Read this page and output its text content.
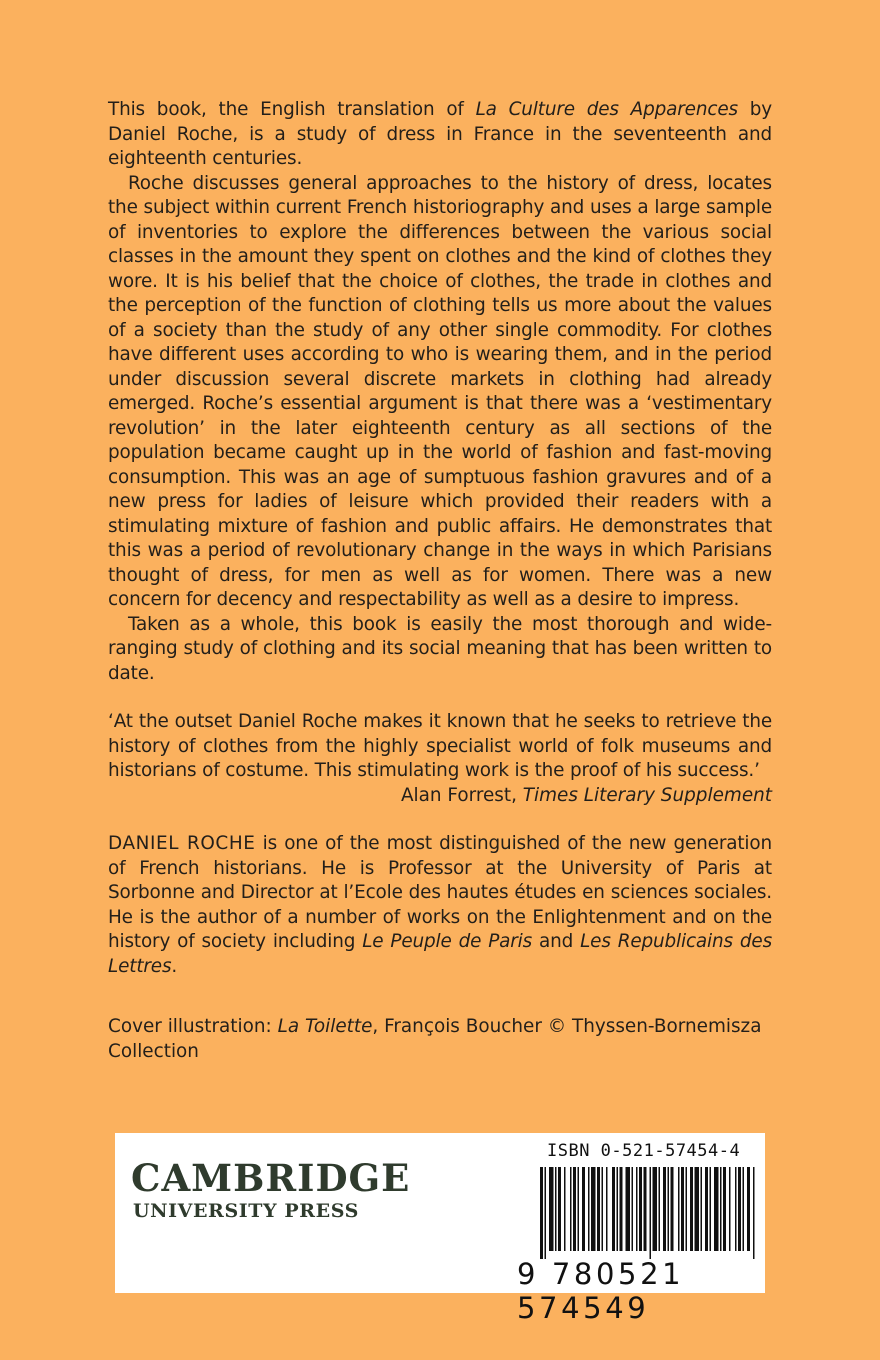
This book, the English translation of La Culture des Apparences by Daniel Roche, is a study of dress in France in the seventeenth and eighteenth centuries.

Roche discusses general approaches to the history of dress, locates the subject within current French historiography and uses a large sample of inventories to explore the differences between the various social classes in the amount they spent on clothes and the kind of clothes they wore. It is his belief that the choice of clothes, the trade in clothes and the perception of the function of clothing tells us more about the values of a society than the study of any other single commodity. For clothes have different uses according to who is wearing them, and in the period under discussion several discrete markets in clothing had already emerged. Roche’s essential argument is that there was a ‘vestimentary revolution’ in the later eighteenth century as all sections of the population became caught up in the world of fashion and fast-moving consumption. This was an age of sumptuous fashion gravures and of a new press for ladies of leisure which provided their readers with a stimulating mixture of fashion and public affairs. He demonstrates that this was a period of revolutionary change in the ways in which Parisians thought of dress, for men as well as for women. There was a new concern for decency and respectability as well as a desire to impress.

Taken as a whole, this book is easily the most thorough and wide-ranging study of clothing and its social meaning that has been written to date.

‘At the outset Daniel Roche makes it known that he seeks to retrieve the history of clothes from the highly specialist world of folk museums and historians of costume. This stimulating work is the proof of his success.’

Alan Forrest, Times Literary Supplement

DANIEL ROCHE is one of the most distinguished of the new generation of French historians. He is Professor at the University of Paris at Sorbonne and Director at l’Ecole des hautes études en sciences sociales. He is the author of a number of works on the Enlightenment and on the history of society including Le Peuple de Paris and Les Republicains des Lettres.

Cover illustration: La Toilette, François Boucher © Thyssen-Bornemisza Collection
CAMBRIDGE
UNIVERSITY PRESS
ISBN 0-521-57454-4
9 780521 574549
